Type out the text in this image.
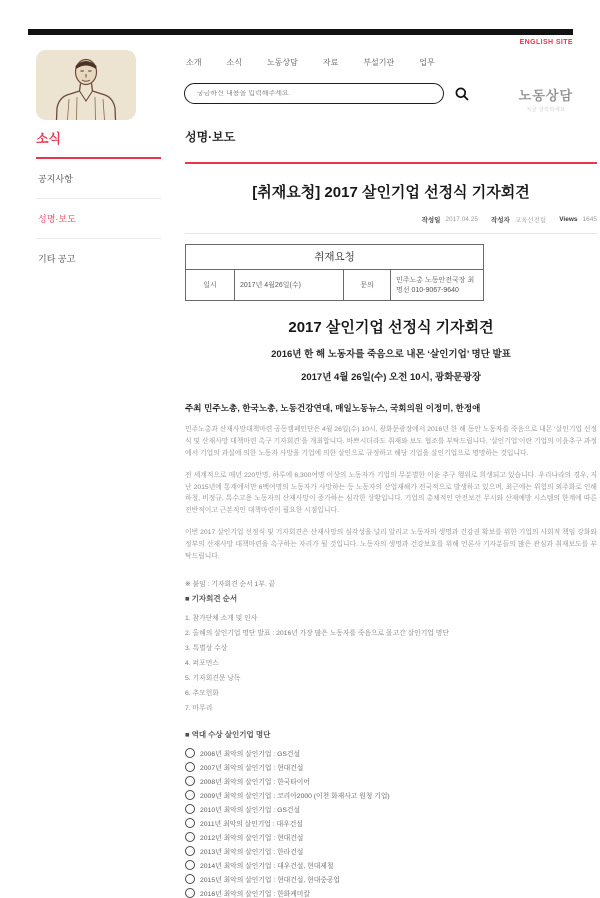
ENGLISH SITE
소개	소식	노동상담	자료	부설기관	업무
궁금하신 내용을 입력해주세요
노동상담
지금 클릭하세요
소식
공지사항
성명·보도
기타 공고
성명·보도
[취재요청] 2017 살인기업 선정식 기자회견
작성일 2017.04.25 작성자 교육선전팀 Views 1645
취재요청
일시	2017년 4월26일(수)	문의	민주노총 노동안전국장 최명선 010-9067-9640
2017 살인기업 선정식 기자회견
2016년 한 해 노동자를 죽음으로 내몬 ‘살인기업’ 명단 발표
2017년 4월 26일(수) 오전 10시, 광화문광장
주최 민주노총, 한국노총, 노동건강연대, 매일노동뉴스, 국회의원 이정미, 한정애

민주노총과 산재사망대책마련 공동캠페인단은 4월 26일(수) 10시, 광화문광장에서 2016년 한 해 동안 노동자를 죽음으로 내몬 ‘살인기업 선정식 및 산재사망 대책마련 촉구 기자회견’을 개최합니다. 바쁘시더라도 취재와 보도 협조를 부탁드립니다. ‘살인기업’이란 기업의 이윤추구 과정에서 기업의 과실에 의한 노동자 사망을 기업에 의한 살인으로 규정하고 해당 기업을 살인기업으로 명명하는 것입니다.

전 세계적으로 매년 220만명, 하루에 6,300여명 이상의 노동자가 기업의 무분별한 이윤 추구 행위로 희생되고 있습니다. 우리나라의 경우, 지난 2015년에 통계에서만 6백여명의 노동자가 사망하는 등 노동자의 산업재해가 전국적으로 발생하고 있으며, 최근에는 위험의 외주화로 인해 하청, 비정규, 특수고용 노동자의 산재사망이 증가하는 심각한 상황입니다. 기업의 총체적인 안전보건 무시와 산재예방 시스템의 한계에 따른 전반적이고 근본적인 대책마련이 필요한 시점입니다.

이번 2017 살인기업 선정식 및 기자회견은 산재사망의 심각성을 널리 알리고 노동자의 생명과 건강권 확보를 위한 기업의 사회적 책임 강화와 정부의 산재사망 대책마련을 촉구하는 자리가 될 것입니다. 노동자의 생명과 건강보호를 위해 언론사 기자분들의 많은 관심과 취재보도를 부탁드립니다.

※ 붙임 : 기자회견 순서 1부. 끝
■ 기자회견 순서
1. 참가단체 소개 및 인사
2. 올해의 살인기업 명단 발표 : 2016년 가장 많은 노동자를 죽음으로 몰고간 살인기업 명단
3. 특별상 수상
4. 퍼포먼스
5. 기자회견문 낭독
6. 추모헌화
7. 마무리
■ 역대 수상 살인기업 명단
2006년 최악의 살인기업 : GS건설
2007년 최악의 살인기업 : 현대건설
2008년 최악의 살인기업 : 한국타이어
2009년 최악의 살인기업 : 코리아2000 (이천 화재사고 원청 기업)
2010년 최악의 살인기업 : GS건설
2011년 최악의 살인기업 : 대우건설
2012년 최악의 살인기업 : 현대건설
2013년 최악의 살인기업 : 한라건설
2014년 최악의 살인기업 : 대우건설, 현대제철
2015년 최악의 살인기업 : 현대건설, 현대중공업
2016년 최악의 살인기업 : 한화케미칼
